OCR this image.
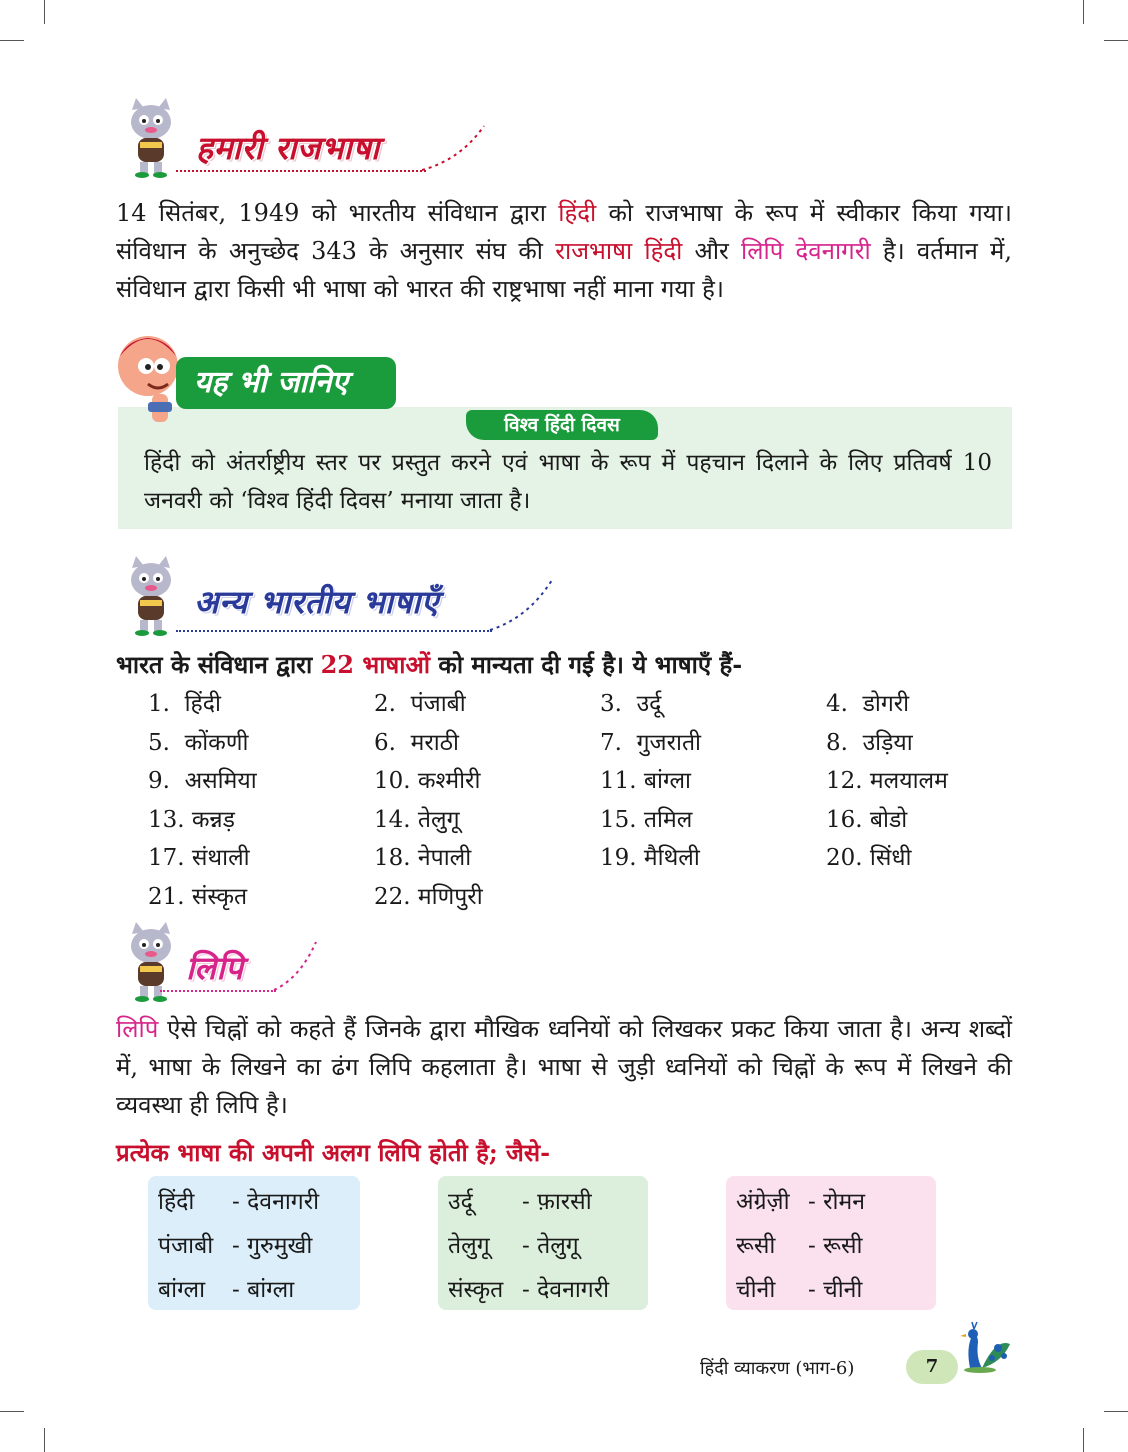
हमारी राजभाषा
14 सितंबर, 1949 को भारतीय संविधान द्वारा हिंदी को राजभाषा के रूप में स्वीकार किया गया। संविधान के अनुच्छेद 343 के अनुसार संघ की राजभाषा हिंदी और लिपि देवनागरी है। वर्तमान में, संविधान द्वारा किसी भी भाषा को भारत की राष्ट्रभाषा नहीं माना गया है।
यह भी जानिए
विश्व हिंदी दिवस
हिंदी को अंतर्राष्ट्रीय स्तर पर प्रस्तुत करने एवं भाषा के रूप में पहचान दिलाने के लिए प्रतिवर्ष 10 जनवरी को ‘विश्व हिंदी दिवस’ मनाया जाता है।
अन्य भारतीय भाषाएँ
भारत के संविधान द्वारा 22 भाषाओं को मान्यता दी गई है। ये भाषाएँ हैं-
1.  हिंदी	2.  पंजाबी	3.  उर्दू	4.  डोगरी
5.  कोंकणी	6.  मराठी	7.  गुजराती	8.  उड़िया
9.  असमिया	10. कश्मीरी	11. बांग्ला	12. मलयालम
13. कन्नड़	14. तेलुगू	15. तमिल	16. बोडो
17. संथाली	18. नेपाली	19. मैथिली	20. सिंधी
21. संस्कृत	22. मणिपुरी
लिपि
लिपि ऐसे चिह्नों को कहते हैं जिनके द्वारा मौखिक ध्वनियों को लिखकर प्रकट किया जाता है। अन्य शब्दों में, भाषा के लिखने का ढंग लिपि कहलाता है। भाषा से जुड़ी ध्वनियों को चिह्नों के रूप में लिखने की व्यवस्था ही लिपि है।
प्रत्येक भाषा की अपनी अलग लिपि होती है; जैसे-
हिंदी - देवनागरी
पंजाबी - गुरुमुखी
बांग्ला - बांग्ला
उर्दू - फ़ारसी
तेलुगू - तेलुगू
संस्कृत - देवनागरी
अंग्रेज़ी - रोमन
रूसी - रूसी
चीनी - चीनी
हिंदी व्याकरण (भाग-6)	7
